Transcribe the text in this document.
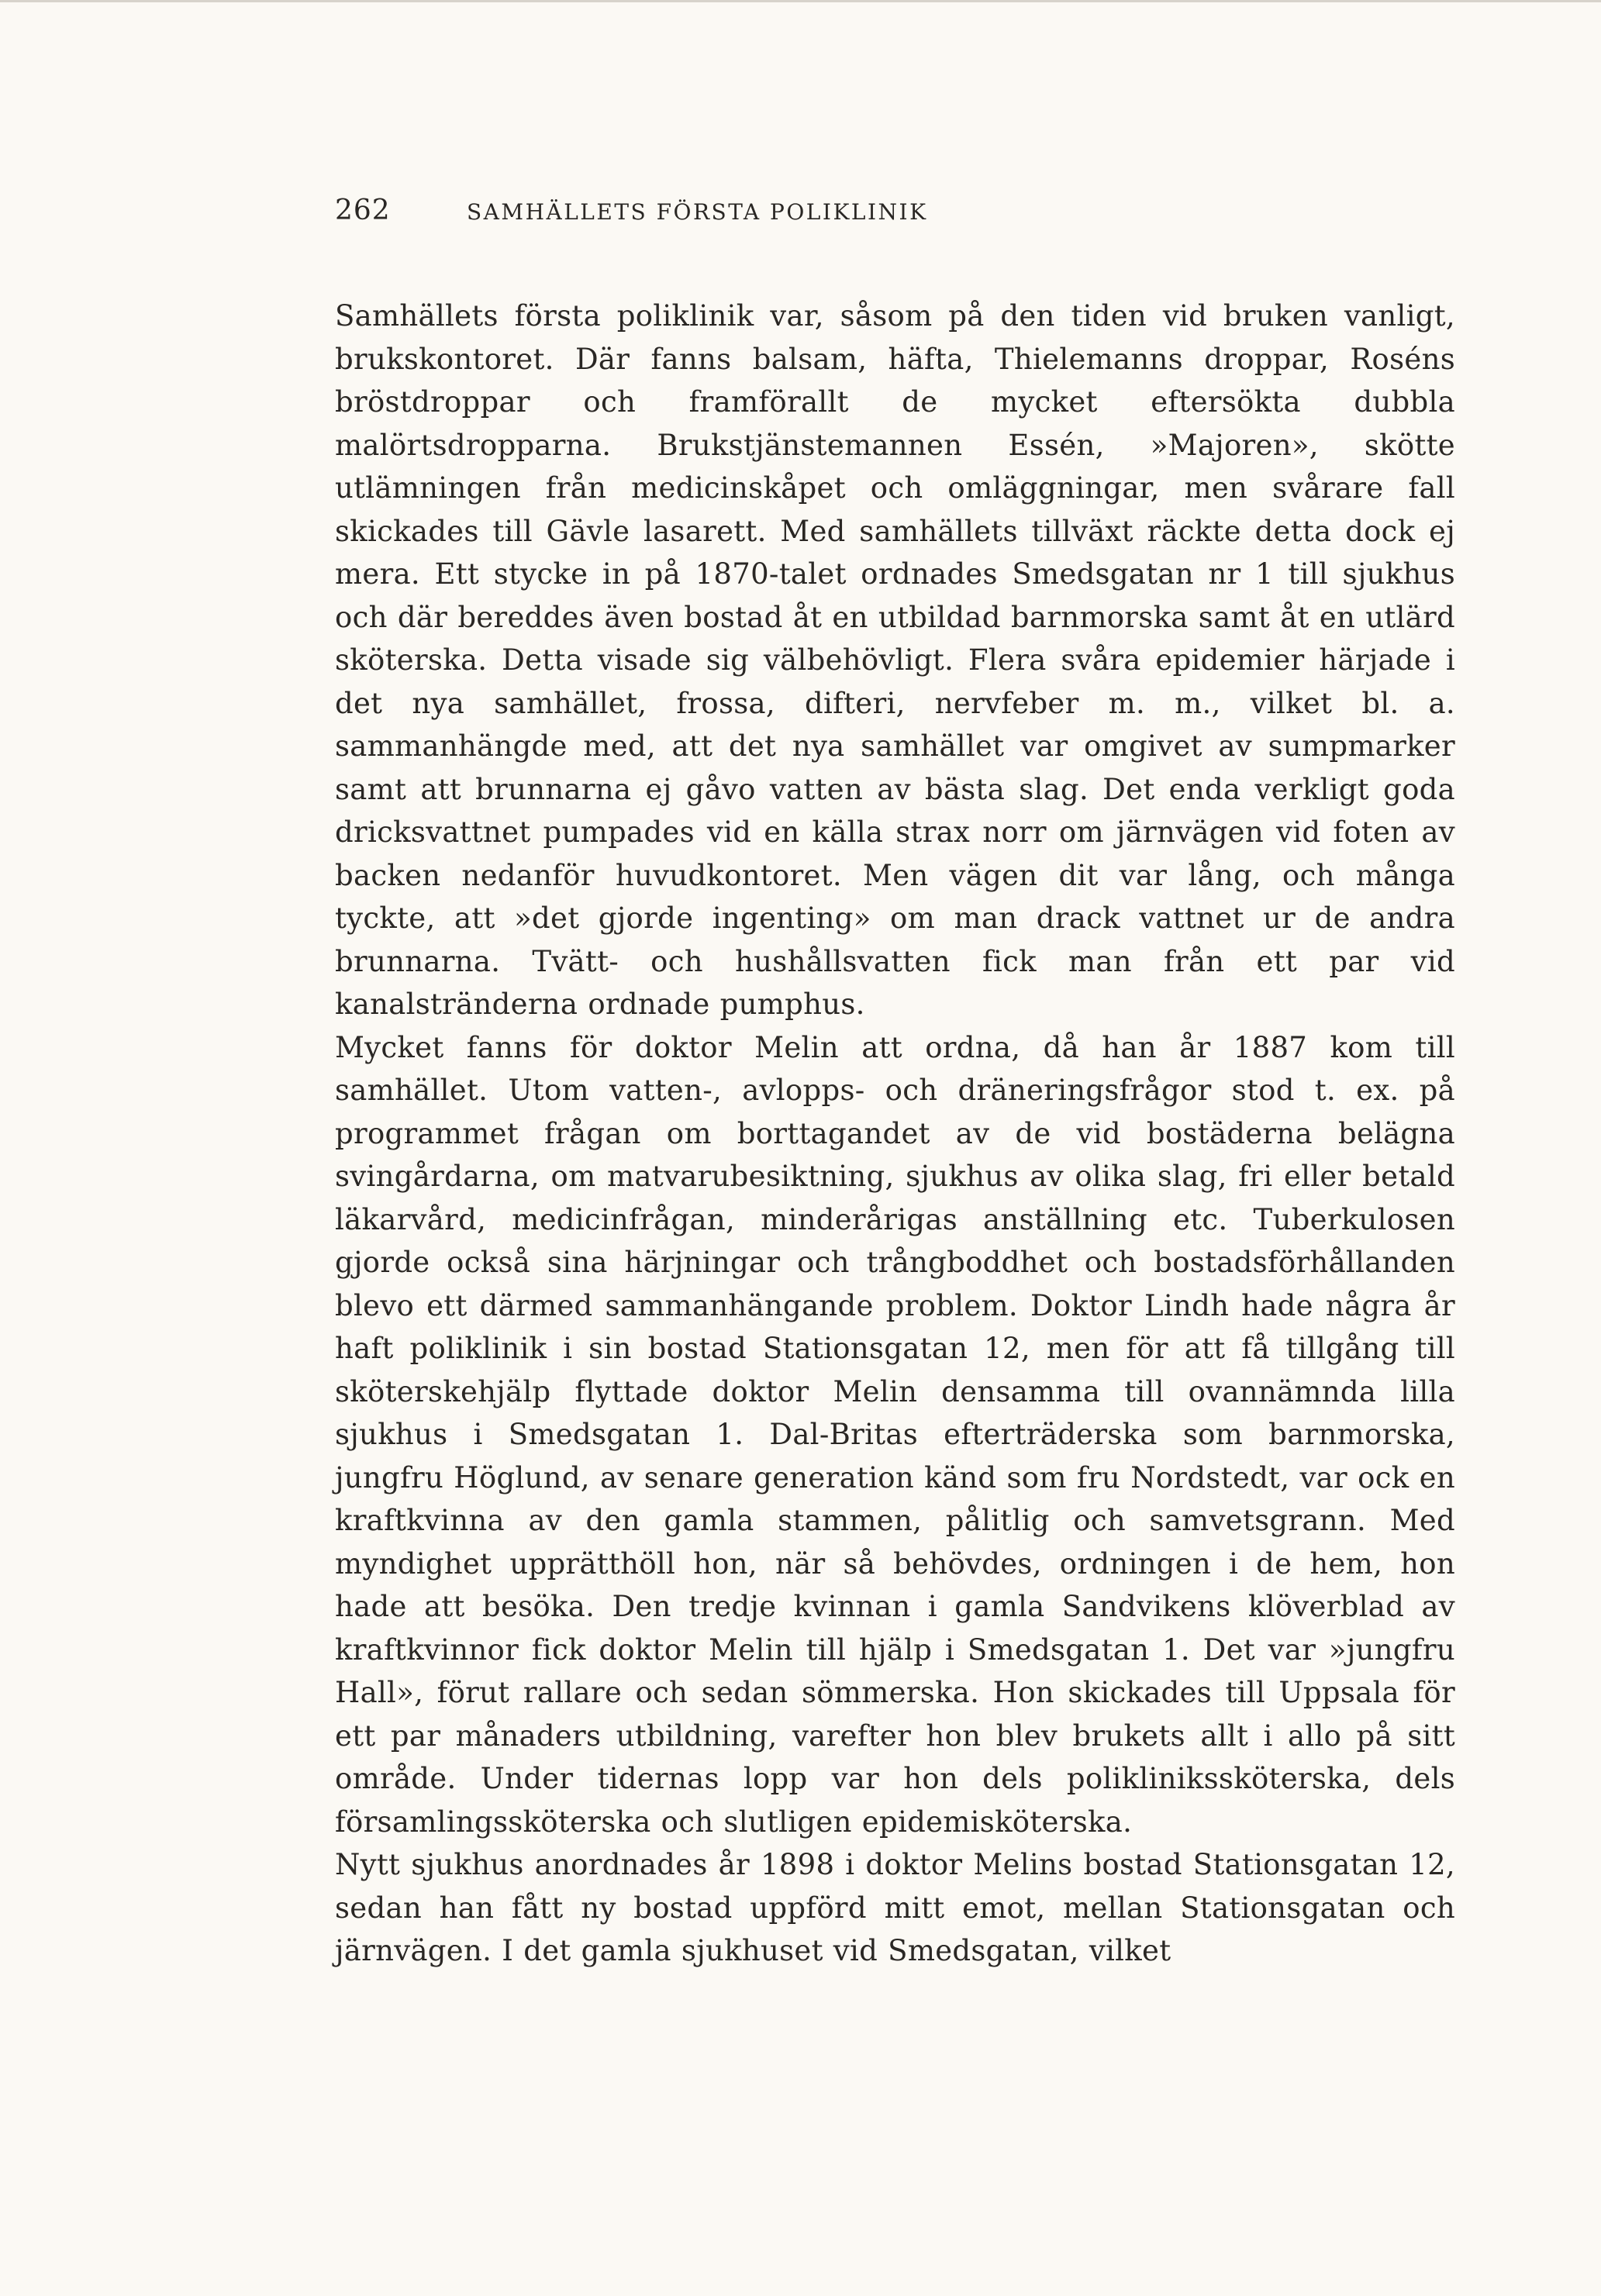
262	SAMHÄLLETS FÖRSTA POLIKLINIK

Samhällets första poliklinik var, såsom på den tiden vid bruken vanligt, brukskontoret. Där fanns balsam, häfta, Thielemanns droppar, Roséns bröstdroppar och framförallt de mycket eftersökta dubbla malörtsdropparna. Brukstjänstemannen Essén, »Majoren», skötte utlämningen från medicinskåpet och omläggningar, men svårare fall skickades till Gävle lasarett. Med samhällets tillväxt räckte detta dock ej mera. Ett stycke in på 1870-talet ordnades Smedsgatan nr 1 till sjukhus och där bereddes även bostad åt en utbildad barnmorska samt åt en utlärd sköterska. Detta visade sig välbehövligt. Flera svåra epidemier härjade i det nya samhället, frossa, difteri, nervfeber m. m., vilket bl. a. sammanhängde med, att det nya samhället var omgivet av sumpmarker samt att brunnarna ej gåvo vatten av bästa slag. Det enda verkligt goda dricksvattnet pumpades vid en källa strax norr om järnvägen vid foten av backen nedanför huvudkontoret. Men vägen dit var lång, och många tyckte, att »det gjorde ingenting» om man drack vattnet ur de andra brunnarna. Tvätt- och hushållsvatten fick man från ett par vid kanalstränderna ordnade pumphus.

Mycket fanns för doktor Melin att ordna, då han år 1887 kom till samhället. Utom vatten-, avlopps- och dräneringsfrågor stod t. ex. på programmet frågan om borttagandet av de vid bostäderna belägna svingårdarna, om matvarubesiktning, sjukhus av olika slag, fri eller betald läkarvård, medicinfrågan, minderårigas anställning etc. Tuberkulosen gjorde också sina härjningar och trångboddhet och bostadsförhållanden blevo ett därmed sammanhängande problem. Doktor Lindh hade några år haft poliklinik i sin bostad Stationsgatan 12, men för att få tillgång till sköterskehjälp flyttade doktor Melin densamma till ovannämnda lilla sjukhus i Smedsgatan 1. Dal-Britas efterträderska som barnmorska, jungfru Höglund, av senare generation känd som fru Nordstedt, var ock en kraftkvinna av den gamla stammen, pålitlig och samvetsgrann. Med myndighet upprätthöll hon, när så behövdes, ordningen i de hem, hon hade att besöka. Den tredje kvinnan i gamla Sandvikens klöverblad av kraftkvinnor fick doktor Melin till hjälp i Smedsgatan 1. Det var »jungfru Hall», förut rallare och sedan sömmerska. Hon skickades till Uppsala för ett par månaders utbildning, varefter hon blev brukets allt i allo på sitt område. Under tidernas lopp var hon dels poliklinikssköterska, dels församlingssköterska och slutligen epidemisköterska.

Nytt sjukhus anordnades år 1898 i doktor Melins bostad Stationsgatan 12, sedan han fått ny bostad uppförd mitt emot, mellan Stationsgatan och järnvägen. I det gamla sjukhuset vid Smedsgatan, vilket
